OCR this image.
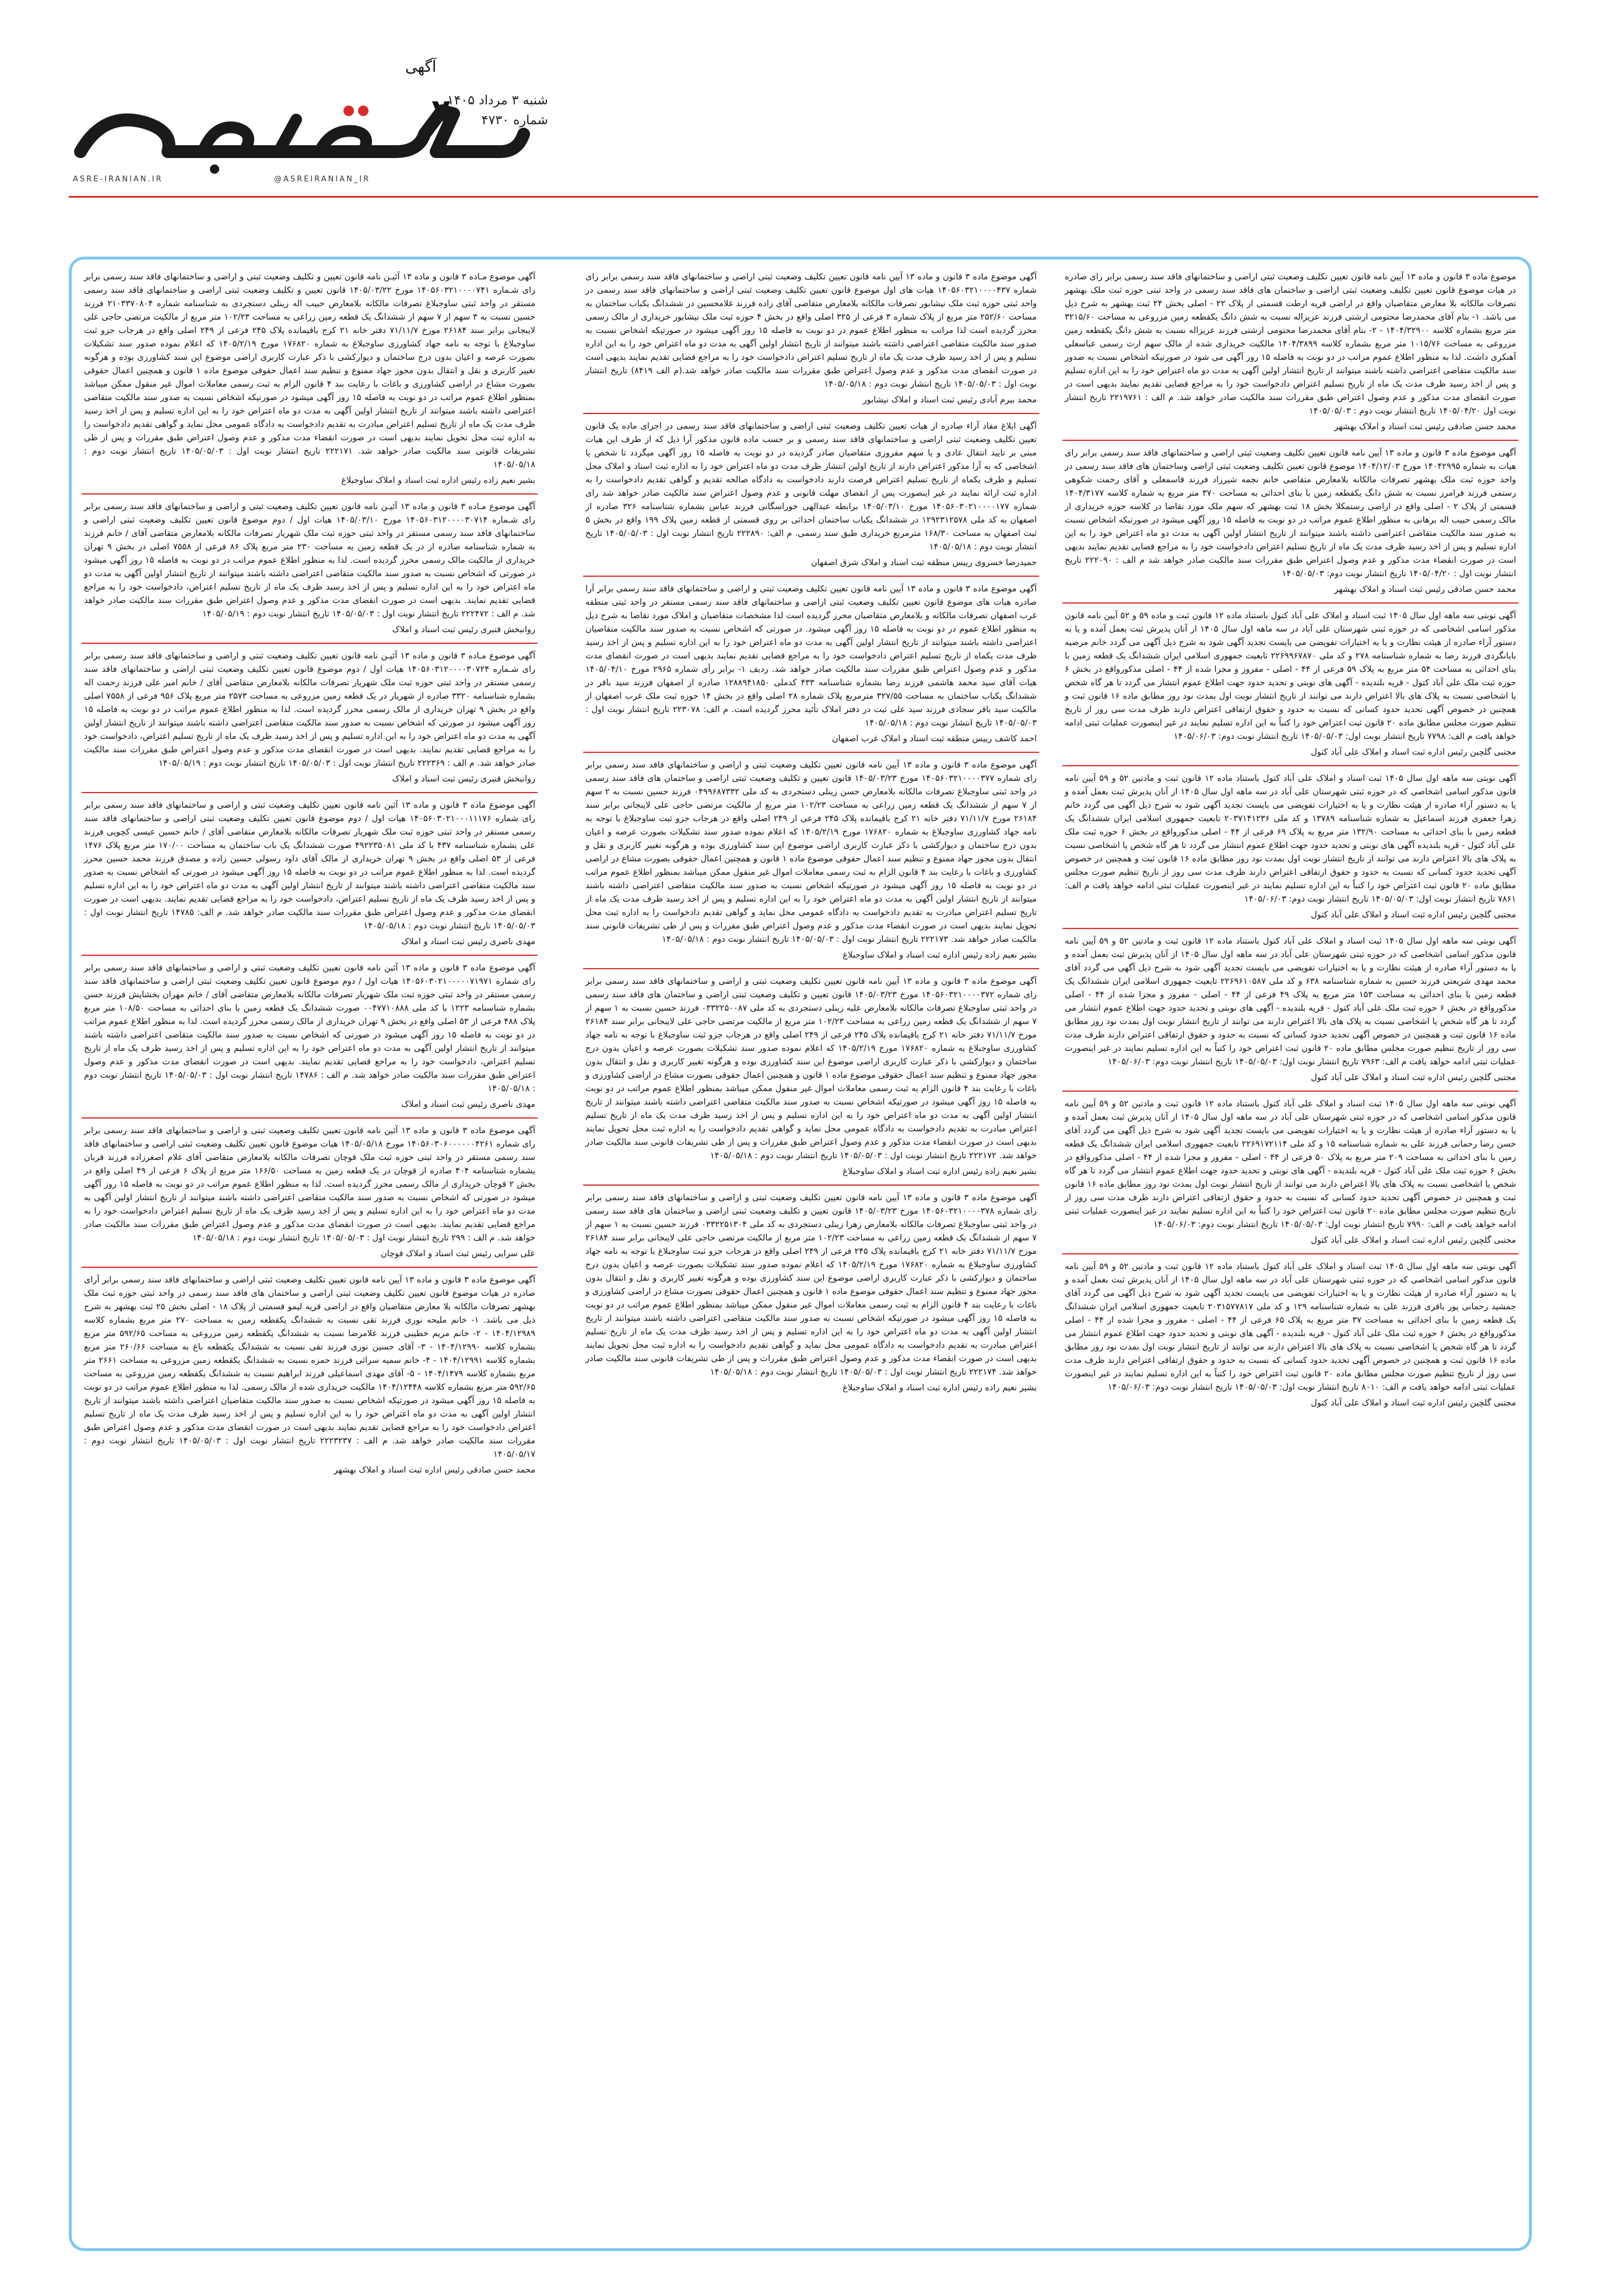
آگهی
۷	شنبه ۳ مرداد ۱۴۰۵
شماره ۴۷۳۰
ASRE-IRANIAN.IR	@ASREIRANIAN_IR

موضوع ماده ۳ قانون و ماده ۱۳ آیین نامه قانون تعیین تکلیف وضعیت ثبتی اراضی و ساختمانهای فاقد سند رسمی برابر رای صادره در هیات موضوع قانون تعیین تکلیف وضعیت ثبتی اراضی و ساختمان های فاقد سند رسمی در واحد ثبتی حوزه ثبت ملک بهشهر تصرفات مالکانه بلا معارض متقاضیان واقع در اراضی قریه ارطت قسمتی از پلاک ۲۲ - اصلی بخش ۲۴ ثبت بهشهر به شرح ذیل می باشد. ۱- بنام آقای محمدرضا محتومی ارشتی فرزند عزیزاله نسبت به شش دانگ یکقطعه زمین مزروعی به مساحت ۳۲۱۵/۶۰ متر مربع بشماره کلاسه ۱۴۰۴/۳۲۹۰۰ - ۲- بنام آقای محمدرضا محتومی ارشتی فرزند عزیزاله نسبت به شش دانگ یکقطعه زمین مزروعی به مساحت ۱۰۱۵/۷۶ متر مربع بشماره کلاسه ۱۴۰۴/۳۸۹۹ مالکیت خریداری شده از مالک سهم ارث رسمی عباسعلی آهنکری داشت. لذا به منظور اطلاع عموم مراتب در دو نوبت به فاصله ۱۵ روز آگهی می شود در صورتیکه اشخاص نسبت به صدور سند مالکیت متقاضی اعتراضی داشته باشند میتوانند از تاریخ انتشار اولین آگهی به مدت دو ماه اعتراض خود را به این اداره تسلیم و پس از اخذ رسید ظرف مدت یک ماه از تاریخ تسلیم اعتراض دادخواست خود را به مراجع قضایی تقدیم نمایند بدیهی است در صورت انقضای مدت مذکور و عدم وصول اعتراض طبق مقررات سند مالکیت صادر خواهد شد. م الف : ۲۲۱۹۷۶۱ تاریخ انتشار نوبت اول ۱۴۰۵/۰۴/۲۰ تاریخ انتشار نوبت دوم : ۱۴۰۵/۰۵/۰۳

محمد حسن صادقی رئیس ثبت اسناد و املاک بهشهر

آگهی موضوع ماده ۳ قانون و ماده ۱۳ آیین نامه قانون تعیین تکلیف وضعیت ثبتی اراضی و ساختمانهای فاقد سند رسمی برابر رای هیات به شماره ۱۴۰۴۲۹۹۵ مورخ ۱۴۰۴/۱۲/۰۳ موضوع قانون تعیین تکلیف وضعیت ثبتی اراضی وساختمان های فاقد سند رسمی در واحد حوزه ثبت ملک بهشهر تصرفات مالکانه بلامعارض متقاضی خانم نجمه شیرزاد فرزند قاسمعلی و آقای رحمت شکوهی رستمی فرزند فرامرز نسبت به شش دانگ یکقطعه زمین با بنای احداثی به مساحت ۳۷۰ متر مربع به شماره کلاسه ۱۴۰۴/۳۱۷۷ قسمتی از پلاک ۲ - اصلی واقع در اراضی رستمکلا بخش ۱۸ ثبت بهشهر که سهم ملک مورد تقاضا در کلاسه حوزه خریداری از مالک رسمی حبیب اله برهانی به منظور اطلاع عموم مراتب در دو نوبت به فاصله ۱۵ روز آگهی میشود در صورتیکه اشخاص نسبت به صدور سند مالکیت متقاضی اعتراضی داشته باشند میتوانند از تاریخ انتشار اولین آگهی به مدت دو ماه اعتراض خود را به این اداره تسلیم و پس از اخذ رسید ظرف مدت یک ماه از تاریخ تسلیم اعتراض دادخواست خود را به مراجع قضایی تقدیم نمایند بدیهی است در صورت انقضاء مدت مذکور و عدم وصول اعتراض طبق مقررات سند مالکیت صادر خواهد شد م الف : ۲۲۲۰۹۰ تاریخ انتشار نوبت اول : ۱۴۰۵/۰۴/۲۰ تاریخ انتشار نوبت دوم: ۱۴۰۵/۰۵/۰۳

محمد حسن صادقی رئیس ثبت اسناد و املاک بهشهر

آگهی نوبتی سه ماهه اول سال ۱۴۰۵ ثبت اسناد و املاک علی آباد کتول باستناد ماده ۱۲ قانون ثبت و ماده ۵۹ و ۵۲ آیین نامه قانون مذکور اسامی اشخاصی که در حوزه ثبتی شهرستان علی آباد در سه ماهه اول سال ۱۴۰۵ از آنان پذیرش ثبت بعمل آمده و یا به دستور آراء صادره از هیئت نظارت و یا به اختیارات تفویضی می بایست تجدید آگهی شود به شرح ذیل آگهی می گردد خانم مرضیه بابانگردی فرزند رضا به شماره شناسنامه ۲۷۸ و کد ملی ۲۲۶۹۹۶۷۸۷۰ تابعیت جمهوری اسلامی ایران ششدانگ یک قطعه زمین با بنای احداثی به مساحت ۵۴ متر مربع به پلاک ۵۹ فرعی از ۴۴ - اصلی - مفروز و مجزا شده از ۴۴ - اصلی مذکورواقع در بخش ۶ حوزه ثبت ملک علی آباد کتول - قریه بلندیده - آگهی های نوبتی و تحدید حدود جهت اطلاع عموم انتشار می گردد تا هر گاه شخص یا اشخاصی نسبت به پلاک های بالا اعتراض دارند می توانند از تاریخ انتشار نوبت اول بمدت نود روز مطابق ماده ۱۶ قانون ثبت و همچنین در خصوص آگهی تحدید حدود کسانی که نسبت به حدود و حقوق ارتفاقی اعتراض دارند ظرف مدت سی روز از تاریخ تنظیم صورت مجلس مطابق ماده ۲۰ قانون ثبت اعتراض خود را کتباً به این اداره تسلیم نمایند در غیر اینصورت عملیات ثبتی ادامه خواهد یافت م الف: ۷۷۹۸ تاریخ انتشار نوبت اول: ۱۴۰۵/۰۵/۰۳ تاریخ انتشار نوبت دوم: ۱۴۰۵/۰۶/۰۳

مجتبی گلچین رئیس اداره ثبت اسناد و املاک علی آباد کتول

آگهی نوبتی سه ماهه اول سال ۱۴۰۵ ثبت اسناد و املاک علی آباد کتول باستناد ماده ۱۲ قانون ثبت و مادتین ۵۲ و ۵۹ آیین نامه قانون مذکور اسامی اشخاصی که در حوزه ثبتی شهرستان علی آباد در سه ماهه اول سال ۱۴۰۵ از آنان پذیرش ثبت بعمل آمده و یا به دستور آراء صادره از هیئت نظارت و یا به اختیارات تفویضی می بایست تجدید آگهی شود به شرح ذیل آگهی می گردد خانم زهرا جعفری فرزند اسماعیل به شماره شناسنامه ۱۳۷۸۹ و کد ملی ۲۰۳۷۱۴۱۲۳۶ تابعیت جمهوری اسلامی ایران ششدانگ یک قطعه زمین با بنای احداثی به مساحت ۱۳۲/۹۰ متر مربع به پلاک ۶۹ فرعی از ۴۴ - اصلی مذکورواقع در بخش ۶ حوزه ثبت ملک علی آباد کتول - قریه بلندیده آگهی های نوبتی و تحدید حدود جهت اطلاع عموم انتشار می گردد تا هر گاه شخص یا اشخاصی نسبت به پلاک های بالا اعتراض دارند می توانند از تاریخ انتشار نوبت اول بمدت نود روز مطابق ماده ۱۶ قانون ثبت و همچنین در خصوص آگهی تحدید حدود کسانی که نسبت به حدود و حقوق ارتفاقی اعتراض دارند ظرف مدت سی روز از تاریخ تنظیم صورت مجلس مطابق ماده ۲۰ قانون ثبت اعتراض خود را کتباً به این اداره تسلیم نمایند در غیر اینصورت عملیات ثبتی ادامه خواهد یافت م الف: ۷۸۶۱ تاریخ انتشار نوبت اول: ۱۴۰۵/۰۵/۰۳ تاریخ انتشار نوبت دوم: ۱۴۰۵/۰۶/۰۳

مجتبی گلچین رئیس اداره ثبت اسناد و املاک علی آباد کتول

آگهی نوبتی سه ماهه اول سال ۱۴۰۵ ثبت اسناد و املاک علی آباد کتول باستناد ماده ۱۲ قانون ثبت و مادتین ۵۲ و ۵۹ آیین نامه قانون مذکور اسامی اشخاصی که در حوزه ثبتی شهرستان علی آباد در سه ماهه اول سال ۱۴۰۵ از آنان پذیرش ثبت بعمل آمده و یا به دستور آراء صادره از هیئت نظارت و یا به اختیارات تفویضی می بایست تجدید آگهی شود به شرح ذیل آگهی می گردد آقای محمد مهدی شریعتی فرزند حسین به شماره شناسنامه ۶۳۸ و کد ملی ۲۲۶۹۶۱۰۵۸۷ تابعیت جمهوری اسلامی ایران ششدانگ یک قطعه زمین با بنای احداثی به مساحت ۱۵۳ متر مربع به پلاک ۴۹ فرعی از ۴۴ - اصلی - مفروز و مجزا شده از ۴۴ - اصلی مذکورواقع در بخش ۶ حوزه ثبت ملک علی آباد کتول - قریه بلندیده - آگهی های نوبتی و تحدید حدود جهت اطلاع عموم انتشار می گردد تا هر گاه شخص یا اشخاصی نسبت به پلاک های بالا اعتراض دارند می توانند از تاریخ انتشار نوبت اول بمدت نود روز مطابق ماده ۱۶ قانون ثبت و همچنین در خصوص آگهی تحدید حدود کسانی که نسبت به حدود و حقوق ارتفاقی اعتراض دارند ظرف مدت سی روز از تاریخ تنظیم صورت مجلس مطابق ماده ۲۰ قانون ثبت اعتراض خود را کتباً به این اداره تسلیم نمایند در غیر اینصورت عملیات ثبتی ادامه خواهد یافت م الف: ۷۹۶۳ تاریخ انتشار نوبت اول: ۱۴۰۵/۰۵/۰۳ تاریخ انتشار نوبت دوم: ۱۴۰۵/۰۶/۰۳

مجتبی گلچین رئیس اداره ثبت اسناد و املاک علی آباد کتول

آگهی نوبتی سه ماهه اول سال ۱۴۰۵ ثبت اسناد و املاک علی آباد کتول باستناد ماده ۱۲ قانون ثبت و مادتین ۵۲ و ۵۹ آیین نامه قانون مذکور اسامی اشخاصی که در حوزه ثبتی شهرستان علی آباد در سه ماهه اول سال ۱۴۰۵ از آنان پذیرش ثبت بعمل آمده و یا به دستور آراء صادره از هیئت نظارت و یا به اختیارات تفویضی می بایست تجدید آگهی شود به شرح ذیل آگهی می گردد آقای حسن رضا رحمانی فرزند علی به شماره شناسنامه ۱۵ و کد ملی ۲۲۶۹۱۷۲۱۱۴ تابعیت جمهوری اسلامی ایران ششدانگ یک قطعه زمین با بنای احداثی به مساحت ۲۰۹ متر مربع به پلاک ۵۰ فرعی از ۴۴ - اصلی - مفروز و مجزا شده از ۴۴ - اصلی مذکورواقع در بخش ۶ حوزه ثبت ملک علی آباد کتول - قریه بلندیده - آگهی های نوبتی و تحدید حدود جهت اطلاع عموم انتشار می گردد تا هر گاه شخص یا اشخاصی نسبت به پلاک های بالا اعتراض دارند می توانند از تاریخ انتشار نوبت اول بمدت نود روز مطابق ماده ۱۶ قانون ثبت و همچنین در خصوص آگهی تحدید حدود کسانی که نسبت به حدود و حقوق ارتفاقی اعتراض دارند ظرف مدت سی روز از تاریخ تنظیم صورت مجلس مطابق ماده ۲۰ قانون ثبت اعتراض خود را کتباً به این اداره تسلیم نمایند در غیر اینصورت عملیات ثبتی ادامه خواهد یافت م الف: ۷۹۹۰ تاریخ انتشار نوبت اول: ۱۴۰۵/۰۵/۰۳ تاریخ انتشار نوبت دوم: ۱۴۰۵/۰۶/۰۳

مجتبی گلچین رئیس اداره ثبت اسناد و املاک علی آباد کتول

آگهی نوبتی سه ماهه اول سال ۱۴۰۵ ثبت اسناد و املاک علی آباد کتول باستناد ماده ۱۲ قانون ثبت و مادتین ۵۲ و ۵۹ آیین نامه قانون مذکور اسامی اشخاصی که در حوزه ثبتی شهرستان علی آباد در سه ماهه اول سال ۱۴۰۵ از آنان پذیرش ثبت بعمل آمده و یا به دستور آراء صادره از هیئت نظارت و یا به اختیارات تفویضی می بایست تجدید آگهی شود به شرح ذیل آگهی می گردد آقای جمشید رحمانی پور باقری فرزند علی به شماره شناسنامه ۱۲۹ و کد ملی ۲۰۳۱۵۷۷۸۱۷ تابعیت جمهوری اسلامی ایران ششدانگ یک قطعه زمین با بنای احداثی به مساحت ۳۷ متر مربع به پلاک ۶۵ فرعی از ۴۴ - اصلی - مفروز و مجزا شده از ۴۴ - اصلی مذکورواقع در بخش ۶ حوزه ثبت ملک علی آباد کتول - قریه بلندیده - آگهی های نوبتی و تحدید حدود جهت اطلاع عموم انتشار می گردد تا هر گاه شخص یا اشخاصی نسبت به پلاک های بالا اعتراض دارند می توانند از تاریخ انتشار نوبت اول بمدت نود روز مطابق ماده ۱۶ قانون ثبت و همچنین در خصوص آگهی تحدید حدود کسانی که نسبت به حدود و حقوق ارتفاقی اعتراض دارند ظرف مدت سی روز از تاریخ تنظیم صورت مجلس مطابق ماده ۲۰ قانون ثبت اعتراض خود را کتباً به این اداره تسلیم نمایند در غیر اینصورت عملیات ثبتی ادامه خواهد یافت م الف: ۸۰۱۰ تاریخ انتشار نوبت اول: ۱۴۰۵/۰۵/۰۳ تاریخ انتشار نوبت دوم: ۱۴۰۵/۰۶/۰۳

مجتبی گلچین رئیس اداره ثبت اسناد و املاک علی آباد کتول

آگهی موضوع ماده ۳ قانون و ماده ۱۳ آیین نامه قانون تعیین تکلیف وضعیت ثبتی اراضی و ساختمانهای فاقد سند رسمی برابر رای شماره ۱۴۰۵۶۰۳۲۱۰۰۰۰۴۳۷ هیات های اول موضوع قانون تعیین تکلیف وضعیت ثبتی اراضی و ساختمانهای فاقد سند رسمی در واحد ثبتی حوزه ثبت ملک نیشابور تصرفات مالکانه بلامعارض متقاضی آقای زاده فرزند غلامحسین در ششدانگ یکباب ساختمان به مساحت ۲۵۲/۶۰ متر مربع از پلاک شماره ۳ فرعی از ۳۲۵ اصلی واقع در بخش ۴ حوزه ثبت ملک نیشابور خریداری از مالک رسمی محرز گردیده است لذا مراتب به منظور اطلاع عموم در دو نوبت به فاصله ۱۵ روز آگهی میشود در صورتیکه اشخاص نسبت به صدور سند مالکیت متقاضی اعتراضی داشته باشند میتوانند از تاریخ انتشار اولین آگهی به مدت دو ماه اعتراض خود را به این اداره تسلیم و پس از اخذ رسید ظرف مدت یک ماه از تاریخ تسلیم اعتراض دادخواست خود را به مراجع قضایی تقدیم نمایند بدیهی است در صورت انقضای مدت مذکور و عدم وصول اعتراض طبق مقررات سند مالکیت صادر خواهد شد.(م الف ۸۴۱۹) تاریخ انتشار نوبت اول : ۱۴۰۵/۰۵/۰۳ تاریخ انتشار نوبت دوم : ۱۴۰۵/۰۵/۱۸

محمد بیرم آبادی رئیس ثبت اسناد و املاک نیشابور

آگهی ابلاغ مفاد آراء صادره از هیات تعیین تکلیف وضعیت ثبتی اراضی و ساختمانهای فاقد سند رسمی در اجرای ماده یک قانون تعیین تکلیف وضعیت ثبتی اراضی و ساختمانهای فاقد سند رسمی و بر حسب ماده قانون مذکور آرا ذیل که از طرف این هیات مبنی بر تایید انتقال عادی و یا سهم مفروزی متقاضیان صادر گردیده در دو نوبت به فاصله ۱۵ روز آگهی میگردد تا شخص یا اشخاصی که به آرا مذکور اعتراض دارند از تاریخ اولین انتشار ظرف مدت دو ماه اعتراض خود را به اداره ثبت اسناد و املاک محل تسلیم و ظرف یکماه از تاریخ تسلیم اعتراض فرصت دارند دادخواست به دادگاه صالحه تقدیم و گواهی تقدیم دادخواست را به اداره ثبت ارائه نمایند در غیر اینصورت پس از انقضای مهلت قانونی و عدم وصول اعتراض سند مالکیت صادر خواهد شد رای شماره ۱۴۰۵۶۰۳۰۲۱۰۰۰۰۱۷۷ مورخ ۱۴۰۵/۰۳/۱۰ برابطه عبدالهی خوراسگانی فرزند عباس بشماره شناسنامه ۳۲۶ صادره از اصفهان به کد ملی ۱۲۹۲۳۱۲۵۷۸ در ششدانگ یکباب ساختمان احداثی بر روی قسمتی از قطعه زمین پلاک ۱۹۹ واقع در بخش ۵ ثبت اصفهان به مساحت ۱۶۸/۳۰ مترمربع خریداری طبق سند رسمی. م الف: ۲۲۲۸۹۰ تاریخ انتشار نوبت اول : ۱۴۰۵/۰۵/۰۳ تاریخ انتشار نوبت دوم : ۱۴۰۵/۰۵/۱۸

حمیدرضا خسروی رییس منطقه ثبت اسناد و املاک شرق اصفهان

آگهی موضوع ماده ۳ قانون و ماده ۱۳ آیین نامه قانون تعیین تکلیف وضعیت ثبتی و اراضی و ساختمانهای فاقد سند رسمی برابر آرا صادره هیات های موضوع قانون تعیین تکلیف وضعیت ثبتی اراضی و ساختمانهای فاقد سند رسمی مستقر در واحد ثبتی منطقه غرب اصفهان تصرفات مالکانه و بلامعارض متقاضیان محرز گردیده است لذا مشخصات متقاضیان و املاک مورد تقاضا به شرح ذیل به منظور اطلاع عموم در دو نوبت به فاصله ۱۵ روز آگهی میشود. در صورتی که اشخاص نسبت به صدور سند مالکیت متقاضیان اعتراضی داشته باشند میتوانند از تاریخ انتشار اولین آگهی به مدت دو ماه اعتراض خود را به این اداره تسلیم و پس از اخذ رسید ظرف مدت یکماه از تاریخ تسلیم اعتراض دادخواست خود را به مراجع قضایی تقدیم نمایند بدیهی است در صورت انقضای مدت مذکور و عدم وصول اعتراض طبق مقررات سند مالکیت صادر خواهد شد. ردیف ۱- برابر رأی شماره ۲۹۶۵ مورخ ۱۴۰۵/۰۴/۱۰ هیات آقای سید محمد هاشمی فرزند رضا بشماره شناسنامه ۴۳۳ کدملی ۱۲۸۸۹۴۱۸۵۰ صادره از اصفهان فرزند سید باقر در ششدانگ یکباب ساختمان به مساحت ۳۲۷/۵۵ مترمربع پلاک شماره ۲۸ اصلی واقع در بخش ۱۴ حوزه ثبت ملک غرب اصفهان از مالکیت سید باقر سجادی فرزند سید علی ثبت در دفتر املاک تأئید محرز گردیده است. م الف: ۲۲۳۰۷۸ تاریخ انتشار نوبت اول : ۱۴۰۵/۰۵/۰۳ تاریخ انتشار نوبت دوم : ۱۴۰۵/۰۵/۱۸

احمد کاشف رییس منطقه ثبت اسناد و املاک غرب اصفهان

آگهی موضوع ماده ۳ قانون و ماده ۱۳ آیین نامه قانون تعیین تکلیف وضعیت ثبتی و اراضی و ساختمانهای فاقد سند رسمی برابر رای شماره ۱۴۰۵۶۰۳۲۱۰۰۰۰۳۷۷ مورخ ۱۴۰۵/۰۳/۲۳ قانون تعیین و تکلیف وضعیت ثبتی اراضی و ساختمان های فاقد سند رسمی در واحد ثبتی ساوجبلاغ تصرفات مالکانه بلامعارض حسن زینلی دستجردی به کد ملی ۰۴۹۹۶۸۷۳۳۲ فرزند حسین نسبت به ۲ سهم از ۷ سهم از ششدانگ یک قطعه زمین زراعی به مساحت ۱۰۲/۲۳ متر مربع از مالکیت مرتضی حاجی علی لایبجانی برابر سند ۲۶۱۸۴ مورخ ۷۱/۱۱/۷ دفتر خانه ۲۱ کرج باقیمانده پلاک ۲۴۵ فرعی از ۲۴۹ اصلی واقع در هرجاب جزو ثبت ساوجبلاغ با توجه به نامه جهاد کشاورزی ساوجبلاغ به شماره ۱۷۶۸۲۰ مورخ ۱۴۰۵/۲/۱۹ که اعلام نموده صدور سند تشکیلات بصورت عرصه و اعیان بدون درج ساختمان و دیوارکشی با ذکر عبارت کاربری اراضی موضوع این سند کشاورزی بوده و هرگونه تغییر کاربری و نقل و انتقال بدون مجوز جهاد ممنوع و تنظیم سند اعمال حقوقی موضوع ماده ۱ قانون و همچنین اعمال حقوقی بصورت مشاع در اراضی کشاورزی و باغات با رعایت بند ۴ قانون الزام به ثبت رسمی معاملات اموال غیر منقول ممکن میباشد بمنظور اطلاع عموم مراتب در دو نوبت به فاصله ۱۵ روز آگهی میشود در صورتیکه اشخاص نسبت به صدور سند مالکیت متقاضی اعتراضی داشته باشند میتوانند از تاریخ انتشار اولین آگهی به مدت دو ماه اعتراض خود را به این اداره تسلیم و پس از اخذ رسید ظرف مدت یک ماه از تاریخ تسلیم اعتراض مبادرت به تقدیم دادخواست به دادگاه عمومی محل نماید و گواهی تقدیم دادخواست را به اداره ثبت محل تحویل نمایند بدیهی است در صورت انقضاء مدت مذکور و عدم وصول اعتراض طبق مقررات و پس از طی تشریفات قانونی سند مالکیت صادر خواهد شد. ۲۲۲۱۷۳ تاریخ انتشار نوبت اول : ۱۴۰۵/۰۵/۰۳ تاریخ انتشار نوبت دوم : ۱۴۰۵/۰۵/۱۸

بشیر نعیم زاده رئیس اداره ثبت اسناد و املاک ساوجبلاغ

آگهی موضوع ماده ۳ قانون و ماده ۱۳ آیین نامه قانون تعیین تکلیف وضعیت ثبتی و اراضی و ساختمانهای فاقد سند رسمی برابر رای شماره ۱۴۰۵۶۰۳۲۱۰۰۰۰۳۷۲ مورخ ۱۴۰۵/۰۳/۲۳ قانون تعیین و تکلیف وضعیت ثبتی اراضی و ساختمان های فاقد سند رسمی در واحد ثبتی ساوجبلاغ تصرفات مالکانه بلامعارض علیه زینلی دستجردی به کد ملی ۰۳۳۲۲۵۰۰۸۷ فرزند حسین نسبت به ۱ سهم از ۷ سهم از ششدانگ یک قطعه زمین زراعی به مساحت ۱۰۲/۲۳ متر مربع از مالکیت مرتضی حاجی علی لایبجانی برابر سند ۲۶۱۸۴ مورخ ۷۱/۱۱/۷ دفتر خانه ۲۱ کرج باقیمانده پلاک ۲۴۵ فرعی از ۲۴۹ اصلی واقع در هرجاب جزو ثبت ساوجبلاغ با توجه به نامه جهاد کشاورزی ساوجبلاغ به شماره ۱۷۶۸۲۰ مورخ ۱۴۰۵/۲/۱۹ که اعلام نموده صدور سند تشکیلات بصورت عرصه و اعیان بدون درج ساختمان و دیوارکشی با ذکر عبارت کاربری اراضی موضوع این سند کشاورزی بوده و هرگونه تغییر کاربری و نقل و انتقال بدون مجوز جهاد ممنوع و تنظیم سند اعمال حقوقی موضوع ماده ۱ قانون و همچنین اعمال حقوقی بصورت مشاع در اراضی کشاورزی و باغات با رعایت بند ۴ قانون الزام به ثبت رسمی معاملات اموال غیر منقول ممکن میباشد بمنظور اطلاع عموم مراتب در دو نوبت به فاصله ۱۵ روز آگهی میشود در صورتیکه اشخاص نسبت به صدور سند مالکیت متقاضی اعتراضی داشته باشند میتوانند از تاریخ انتشار اولین آگهی به مدت دو ماه اعتراض خود را به این اداره تسلیم و پس از اخذ رسید ظرف مدت یک ماه از تاریخ تسلیم اعتراض مبادرت به تقدیم دادخواست به دادگاه عمومی محل نماید و گواهی تقدیم دادخواست را به اداره ثبت محل تحویل نمایند بدیهی است در صورت انقضاء مدت مذکور و عدم وصول اعتراض طبق مقررات و پس از طی تشریفات قانونی سند مالکیت صادر خواهد شد. ۲۲۲۱۷۲ تاریخ انتشار نوبت اول : ۱۴۰۵/۰۵/۰۳ تاریخ انتشار نوبت دوم : ۱۴۰۵/۰۵/۱۸

بشیر نعیم زاده رئیس اداره ثبت اسناد و املاک ساوجبلاغ

آگهی موضوع ماده ۳ قانون و ماده ۱۳ آیین نامه قانون تعیین تکلیف وضعیت ثبتی و اراضی و ساختمانهای فاقد سند رسمی برابر رای شماره ۱۴۰۵۶۰۳۲۱۰۰۰۰۳۷۸ مورخ ۱۴۰۵/۰۳/۲۳ قانون تعیین و تکلیف وضعیت ثبتی اراضی و ساختمان های فاقد سند رسمی در واحد ثبتی ساوجبلاغ تصرفات مالکانه بلامعارض زهرا زینلی دستجردی به کد ملی ۰۳۳۲۲۵۱۳۰۴ فرزند حسین نسبت به ۱ سهم از ۷ سهم از ششدانگ یک قطعه زمین زراعی به مساحت ۱۰۲/۲۳ متر مربع از مالکیت مرتضی حاجی علی لایبجانی برابر سند ۲۶۱۸۴ مورخ ۷۱/۱۱/۷ دفتر خانه ۲۱ کرج باقیمانده پلاک ۲۴۵ فرعی از ۲۴۹ اصلی واقع در هرجاب جزو ثبت ساوجبلاغ با توجه به نامه جهاد کشاورزی ساوجبلاغ به شماره ۱۷۶۸۲۰ مورخ ۱۴۰۵/۲/۱۹ که اعلام نموده صدور سند تشکیلات بصورت عرصه و اعیان بدون درج ساختمان و دیوارکشی با ذکر عبارت کاربری اراضی موضوع این سند کشاورزی بوده و هرگونه تغییر کاربری و نقل و انتقال بدون مجوز جهاد ممنوع و تنظیم سند اعمال حقوقی موضوع ماده ۱ قانون و همچنین اعمال حقوقی بصورت مشاع در اراضی کشاورزی و باغات با رعایت بند ۴ قانون الزام به ثبت رسمی معاملات اموال غیر منقول ممکن میباشد بمنظور اطلاع عموم مراتب در دو نوبت به فاصله ۱۵ روز آگهی میشود در صورتیکه اشخاص نسبت به صدور سند مالکیت متقاضی اعتراضی داشته باشند میتوانند از تاریخ انتشار اولین آگهی به مدت دو ماه اعتراض خود را به این اداره تسلیم و پس از اخذ رسید ظرف مدت یک ماه از تاریخ تسلیم اعتراض مبادرت به تقدیم دادخواست به دادگاه عمومی محل نماید و گواهی تقدیم دادخواست را به اداره ثبت محل تحویل نمایند بدیهی است در صورت انقضاء مدت مذکور و عدم وصول اعتراض طبق مقررات و پس از طی تشریفات قانونی سند مالکیت صادر خواهد شد. ۲۲۲۱۷۴ تاریخ انتشار نوبت اول : ۱۴۰۵/۰۵/۰۳ تاریخ انتشار نوبت دوم : ۱۴۰۵/۰۵/۱۸

بشیر نعیم زاده رئیس اداره ثبت اسناد و املاک ساوجبلاغ

آگهی موضوع مـاده ۳ قانون و ماده ۱۳ آئیـن نامه قانون تعیین و تکلیف وضعیت ثبتی و اراضی و ساختمانهای فاقد سند رسمی برابر رای شـماره ۱۴۰۵۶۰۳۲۱۰۰۰۰۷۴۱ مورخ ۱۴۰۵/۰۳/۲۲ قانون تعیین و تکلیف وضعیت ثبتی اراضی و ساختمانهای فاقد سند رسمی مستقر در واحد ثبتی ساوجبلاغ تصرفات مالکانه بلامعارض حبیب اله زینلی دستجردی به شناسنامه شماره ۲۱۰۳۳۷۰۸۰۴ فرزند حسین نسبت به ۳ سهم از ۷ سهم از ششدانگ یک قطعه زمین زراعی به مساحت ۱۰۲/۲۳ متر مربع از مالکیت مرتضی حاجی علی لایبجانی برابر سند ۲۶۱۸۴ مورخ ۷۱/۱۱/۷ دفتر خانه ۲۱ کرج باقیمانده پلاک ۲۴۵ فرعی از ۲۴۹ اصلی واقع در هرجاب جزو ثبت ساوجبلاغ با توجه به نامه جهاد کشاورزی ساوجبلاغ به شماره ۱۷۶۸۲۰ مورخ ۱۴۰۵/۲/۱۹ که اعلام نموده صدور سند تشکیلات بصورت عرصه و اعیان بدون درج ساختمان و دیوارکشی با ذکر عبارت کاربری اراضی موضوع این سند کشاورزی بوده و هرگونه تغییر کاربری و نقل و انتقال بدون مجوز جهاد ممنوع و تنظیم سند اعمال حقوقی موضوع ماده ۱ قانون و همچنین اعمال حقوقی بصورت مشاع در اراضی کشاورزی و باغات با رعایت بند ۴ قانون الزام به ثبت رسمی معاملات اموال غیر منقول ممکن میباشد بمنظور اطلاع عموم مراتب در دو نوبت به فاصله ۱۵ روز آگهی میشود در صورتیکه اشخاص نسبت به صدور سند مالکیت متقاضی اعتراضی داشته باشند میتوانند از تاریخ انتشار اولین آگهی به مدت دو ماه اعتراض خود را به این اداره تسلیم و پس از اخذ رسید ظرف مدت یک ماه از تاریخ تسلیم اعتراض مبادرت به تقدیم دادخواست به دادگاه عمومی محل نماید و گواهی تقدیم دادخواست را به اداره ثبت محل تحویل نمایند بدیهی است در صورت انقضاء مدت مذکور و عدم وصول اعتراض طبق مقررات و پس از طی تشریفات قانونی سند مالکیت صادر خواهد شد. ۲۲۲۱۷۱ تاریخ انتشار نوبت اول : ۱۴۰۵/۰۵/۰۳ تاریخ انتشار نوبت دوم : ۱۴۰۵/۰۵/۱۸

بشیر نعیم زاده رئیس اداره ثبت اسناد و املاک ساوجبلاغ

آگهی موضوع مـاده ۳ قانون و ماده ۱۳ آئیـن نامه قانون تعیین تکلیف وضعیت ثبتی و اراضی و ساختمانهای فاقد سند رسمی برابر رای شـماره ۱۴۰۵۶۰۳۱۲۰۰۰۰۳۰۷۱۴ مورخ ۱۴۰۵/۰۳/۱۰ هیات اول / دوم موضوع قانون تعیین تکلیف وضعیت ثبتی اراضی و ساختمانهای فاقد سند رسمی مستقر در واحد ثبتی حوزه ثبت ملک شهریار تصرفات مالکانه بلامعارض متقاضی آقای / خانم فرزند به شماره شناسنامه صادره از در یک قطعه زمین به مساحت ۲۳۰ متر مربع پلاک ۸۶ فرعی از ۷۵۵۸ اصلی در بخش ۹ تهران خریداری از مالکیت مالک رسمی محرز گردیده است. لذا به منظور اطلاع عموم مراتب در دو نوبت به فاصله ۱۵ روز آگهی میشود در صورتی که اشخاص نسبت به صدور سند مالکیت متقاضی اعتراضی داشته باشند میتوانند از تاریخ انتشار اولین آگهی به مدت دو ماه اعتراض خود را به این اداره تسلیم و پس از اخذ رسید ظرف یک ماه از تاریخ تسلیم اعتراض، دادخواست خود را به مراجع قضایی تقدیم نمایند. بدیهی است در صورت انقضای مدت مذکور و عدم وصول اعتراض طبق مقررات سند مالکیت صادر خواهد شد. م الف : ۲۲۲۴۷۲ تاریخ انتشار نوبت اول : ۱۴۰۵/۰۵/۰۳ تاریخ انتشار نوبت دوم : ۱۴۰۵/۰۵/۱۹

روانبخش قنبری رئیس ثبت اسناد و املاک

آگهی موضوع مـاده ۳ قانون و ماده ۱۳ آئیـن نامه قانون تعیین تکلیف وضعیت ثبتی و اراضی و ساختمانهای فاقد سند رسمی برابر رای شـماره ۱۴۰۵۶۰۳۱۲۰۰۰۰۳۰۷۲۴ هیات اول / دوم موضوع قانون تعیین تکلیف وضعیت ثبتی اراضی و ساختمانهای فاقد سند رسمی مستقر در واحد ثبتی حوزه ثبت ملک شهریار تصرفات مالکانه بلامعارض متقاضی آقای / خانم امیر علی فرزند رحمت اله بشماره شناسنامه ۳۳۲۰ صادره از شهریار در یک قطعه زمین مزروعی به مساحت ۲۵۷۳ متر مربع پلاک ۹۵۶ فرعی از ۷۵۵۸ اصلی واقع در بخش ۹ تهران خریداری از مالک رسمی محرز گردیده است. لذا به منظور اطلاع عموم مراتب در دو نوبت به فاصله ۱۵ روز آگهی میشود در صورتی که اشخاص نسبت به صدور سند مالکیت متقاضی اعتراضی داشته باشند میتوانند از تاریخ انتشار اولین آگهی به مدت دو ماه اعتراض خود را به این اداره تسلیم و پس از اخذ رسید ظرف یک ماه از تاریخ تسلیم اعتراض، دادخواست خود را به مراجع قضایی تقدیم نمایند. بدیهی است در صورت انقضای مدت مذکور و عدم وصول اعتراض طبق مقررات سند مالکیت صادر خواهد شد. م الف : ۲۲۲۳۶۹ تاریخ انتشار نوبت اول : ۱۴۰۵/۰۵/۰۳ تاریخ انتشار نوبت دوم : ۱۴۰۵/۰۵/۱۹

روانبخش قنبری رئیس ثبت اسناد و املاک

آگهی موضوع ماده ۳ قانون و ماده ۱۳ آئین نامه قانون تعیین تکلیف وضعیت ثبتی و اراضی و ساختمانهای فاقد سند رسمی برابر رای شماره ۱۴۰۵۶۰۳۰۲۱۰۰۰۱۱۱۷۶ هیات اول / دوم موضوع قانون تعیین تکلیف وضعیت ثبتی اراضی و ساختمانهای فاقد سند رسمی مستقر در واحد ثبتی حوزه ثبت ملک شهریار تصرفات مالکانه بلامعارض متقاضی آقای / خانم حسین عیسی کچویی فرزند علی بشماره شناسنامه ۴۳۷ با کد ملی ۴۹۲۲۳۵۰۸۱ صورت ششدانگ یک باب ساختمان به مساحت ۱۷۰/۰۰ متر مربع پلاک ۱۴۷۶ فرعی از ۵۳ اصلی واقع در بخش ۹ تهران خریداری از مالک آقای داود رسولی حسین زاده و مصدق فرزند محمد حسین محرز گردیده است. لذا به منظور اطلاع عموم مراتب در دو نوبت به فاصله ۱۵ روز آگهی میشود در صورتی که اشخاص نسبت به صدور سند مالکیت متقاضی اعتراضی داشته باشند میتوانند از تاریخ انتشار اولین آگهی به مدت دو ماه اعتراض خود را به این اداره تسلیم و پس از اخذ رسید ظرف یک ماه از تاریخ تسلیم اعتراض، دادخواست خود را به مراجع قضایی تقدیم نمایند. بدیهی است در صورت انقضای مدت مذکور و عدم وصول اعتراض طبق مقررات سند مالکیت صادر خواهد شد. م الف: ۱۴۷۸۵ تاریخ انتشار نوبت اول : ۱۴۰۵/۰۵/۰۳ تاریخ انتشار نوبت دوم : ۱۴۰۵/۰۵/۱۸

مهدی ناصری رئیس ثبت اسناد و املاک

آگهی موضوع ماده ۳ قانون و ماده ۱۳ آئین نامه قانون تعیین تکلیف وضعیت ثبتی و اراضی و ساختمانهای فاقد سند رسمی برابر رای شماره ۱۴۰۵۶۰۳۰۲۱۰۰۰۰۰۷۱۹۷۱ هیات اول / دوم موضوع قانون تعیین تکلیف وضعیت ثبتی اراضی و ساختمانهای فاقد سند رسمی مستقر در واحد ثبتی حوزه ثبت ملک شهریار تصرفات مالکانه بلامعارض متقاضی آقای / خانم مهران بخشایش فرزند حسن بشماره شناسنامه ۱۲۲۳ با کد ملی ۰۰۴۷۷۱۰۸۸۸ صورت ششدانگ یک قطعه زمین با بنای احداثی به مساحت ۱۰۸/۵۰ متر مربع پلاک ۴۸۸ فرعی از ۵۳ اصلی واقع در بخش ۹ تهران خریداری از مالک رسمی محرز گردیده است. لذا به منظور اطلاع عموم مراتب در دو نوبت به فاصله ۱۵ روز آگهی میشود در صورتی که اشخاص نسبت به صدور سند مالکیت متقاضی اعتراضی داشته باشند میتوانند از تاریخ انتشار اولین آگهی به مدت دو ماه اعتراض خود را به این اداره تسلیم و پس از اخذ رسید ظرف یک ماه از تاریخ تسلیم اعتراض، دادخواست خود را به مراجع قضایی تقدیم نمایند. بدیهی است در صورت انقضای مدت مذکور و عدم وصول اعتراض طبق مقررات سند مالکیت صادر خواهد شد. م الف : ۱۴۷۸۶ تاریخ انتشار نوبت اول : ۱۴۰۵/۰۵/۰۳ تاریخ انتشار نوبت دوم : ۱۴۰۵/۰۵/۱۸

مهدی ناصری رئیس ثبت اسناد و املاک

آگهی موضوع ماده ۳ قانون و ماده ۱۳ آئین نامه قانون تعیین تکلیف وضعیت ثبتی و اراضی و ساختمانهای فاقد سند رسمی برابر رای شماره ۱۴۰۵۶۰۳۰۶۰۰۰۰۰۰۴۲۶۱ مورخ ۱۴۰۵/۰۵/۱۸ هیات موضوع قانون تعیین تکلیف وضعیت ثبتی اراضی و ساختمانهای فاقد سند رسمی مستقر در واحد ثبتی حوزه ثبت ملک قوچان تصرفات مالکانه بلامعارض متقاضی آقای غلام اصغرزاده فرزند قربان بشماره شناسنامه ۴۰۴ صادره از قوچان در یک قطعه زمین به مساحت ۱۶۶/۵۰ متر مربع از پلاک ۶ فرعی از ۴۹ اصلی واقع در بخش ۲ قوچان خریداری از مالک رسمی محرز گردیده است. لذا به منظور اطلاع عموم مراتب در دو نوبت به فاصله ۱۵ روز آگهی میشود در صورتی که اشخاص نسبت به صدور سند مالکیت متقاضی اعتراضی داشته باشند میتوانند از تاریخ انتشار اولین آگهی به مدت دو ماه اعتراض خود را به این اداره تسلیم و پس از اخذ رسید ظرف یک ماه از تاریخ تسلیم اعتراض دادخواست خود را به مراجع قضایی تقدیم نمایند. بدیهی است در صورت انقضای مدت مذکور و عدم وصول اعتراض طبق مقررات سند مالکیت صادر خواهد شد. م الف : ۲۹۹ تاریخ انتشار نوبت اول : ۱۴۰۵/۰۵/۰۳ تاریخ انتشار نوبت دوم : ۱۴۰۵/۰۵/۱۸

علی سرایی رئیس ثبت اسناد و املاک قوچان

آگهی موضوع ماده ۳ قانون و ماده ۱۳ آیین نامه قانون تعیین تکلیف وضعیت ثبتی اراضی و ساختمانهای فاقد سند رسمی برابر آرای صادره در هیات موضوع قانون تعیین تکلیف وضعیت ثبتی اراضی و ساختمان های فاقد سند رسمی در واحد ثبتی حوزه ثبت ملک بهشهر تصرفات مالکانه بلا معارض متقاضیان واقع در اراضی قریه لیمو قسمتی از پلاک ۱۸ - اصلی بخش ۲۵ ثبت بهشهر به شرح ذیل می باشد. ۱- خانم ملیحه نوری فرزند تقی نسبت به ششدانگ یکقطعه زمین به مساحت ۲۷۰ متر مربع بشماره کلاسه ۱۴۰۴/۱۲۹۸۹ - ۲- خانم مریم خطیبی فرزند غلامرضا نسبت به ششدانگ یکقطعه زمین مزروعی به مساحت ۵۹۲/۶۵ متر مربع بشماره کلاسه ۱۴۰۴/۱۲۹۹۰ - ۳- آقای حسین نوری فرزند تقی نسبت به ششدانگ یکقطعه باغ به مساحت ۲۶۰/۶۶ متر مربع بشماره کلاسه ۱۴۰۴/۱۲۹۹۱ - ۴- خانم سمیه سرائی فرزند حمزه نسبت به ششدانگ یکقطعه زمین مزروعی به مساحت ۲۶۶۱ متر مربع بشماره کلاسه ۱۴۰۴/۱۴۷۹ - ۵- آقای مهدی اسماعیلی فرزند ابراهیم نسبت به ششدانگ یکقطعه زمین مزروعی به مساحت ۵۹۲/۶۵ متر مربع بشماره کلاسه ۱۴۰۴/۱۲۴۴۸ مالکیت خریداری شده از مالک رسمی. لذا به منظور اطلاع عموم مراتب در دو نوبت به فاصله ۱۵ روز آگهی میشود در صورتیکه اشخاص نسبت به صدور سند مالکیت متقاضیان اعتراضی داشته باشند میتوانند از تاریخ انتشار اولین آگهی به مدت دو ماه اعتراض خود را به این اداره تسلیم و پس از اخذ رسید ظرف مدت یک ماه از تاریخ تسلیم اعتراض دادخواست خود را به مراجع قضایی تقدیم نمایند بدیهی است در صورت انقضای مدت مذکور و عدم وصول اعتراض طبق مقررات سند مالکیت صادر خواهد شد. م الف : ۲۲۲۳۲۳۷ تاریخ انتشار نوبت اول : ۱۴۰۵/۰۵/۰۳ تاریخ انتشار نوبت دوم : ۱۴۰۵/۰۵/۱۷

محمد حسن صادقی رئیس اداره ثبت اسناد و املاک بهشهر
